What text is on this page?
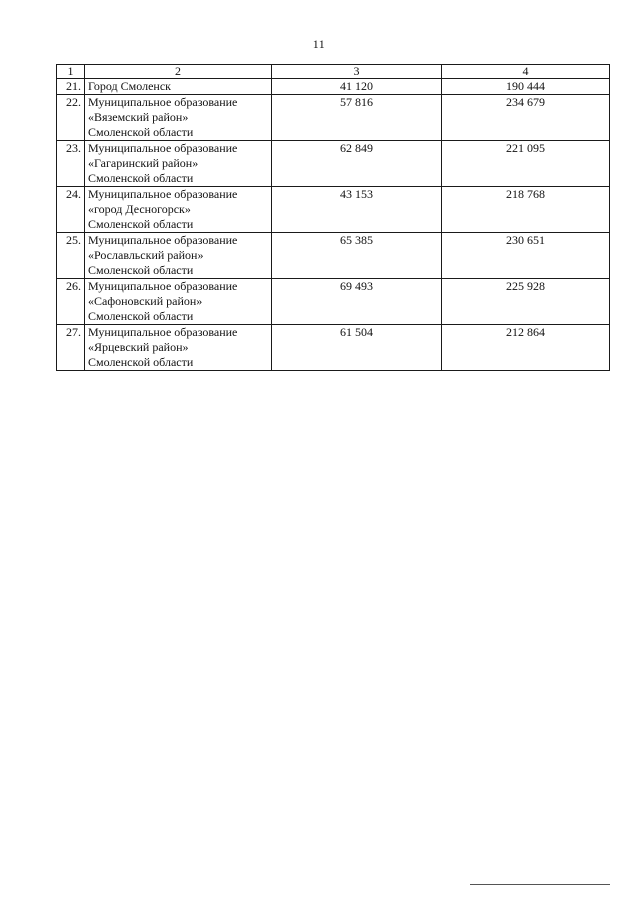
11
1	2	3	4
21.	Город Смоленск	41 120	190 444
22.	Муниципальное образование
«Вяземский район»
Смоленской области	57 816	234 679
23.	Муниципальное образование
«Гагаринский район»
Смоленской области	62 849	221 095
24.	Муниципальное образование
«город Десногорск»
Смоленской области	43 153	218 768
25.	Муниципальное образование
«Рославльский район»
Смоленской области	65 385	230 651
26.	Муниципальное образование
«Сафоновский район»
Смоленской области	69 493	225 928
27.	Муниципальное образование
«Ярцевский район»
Смоленской области	61 504	212 864
